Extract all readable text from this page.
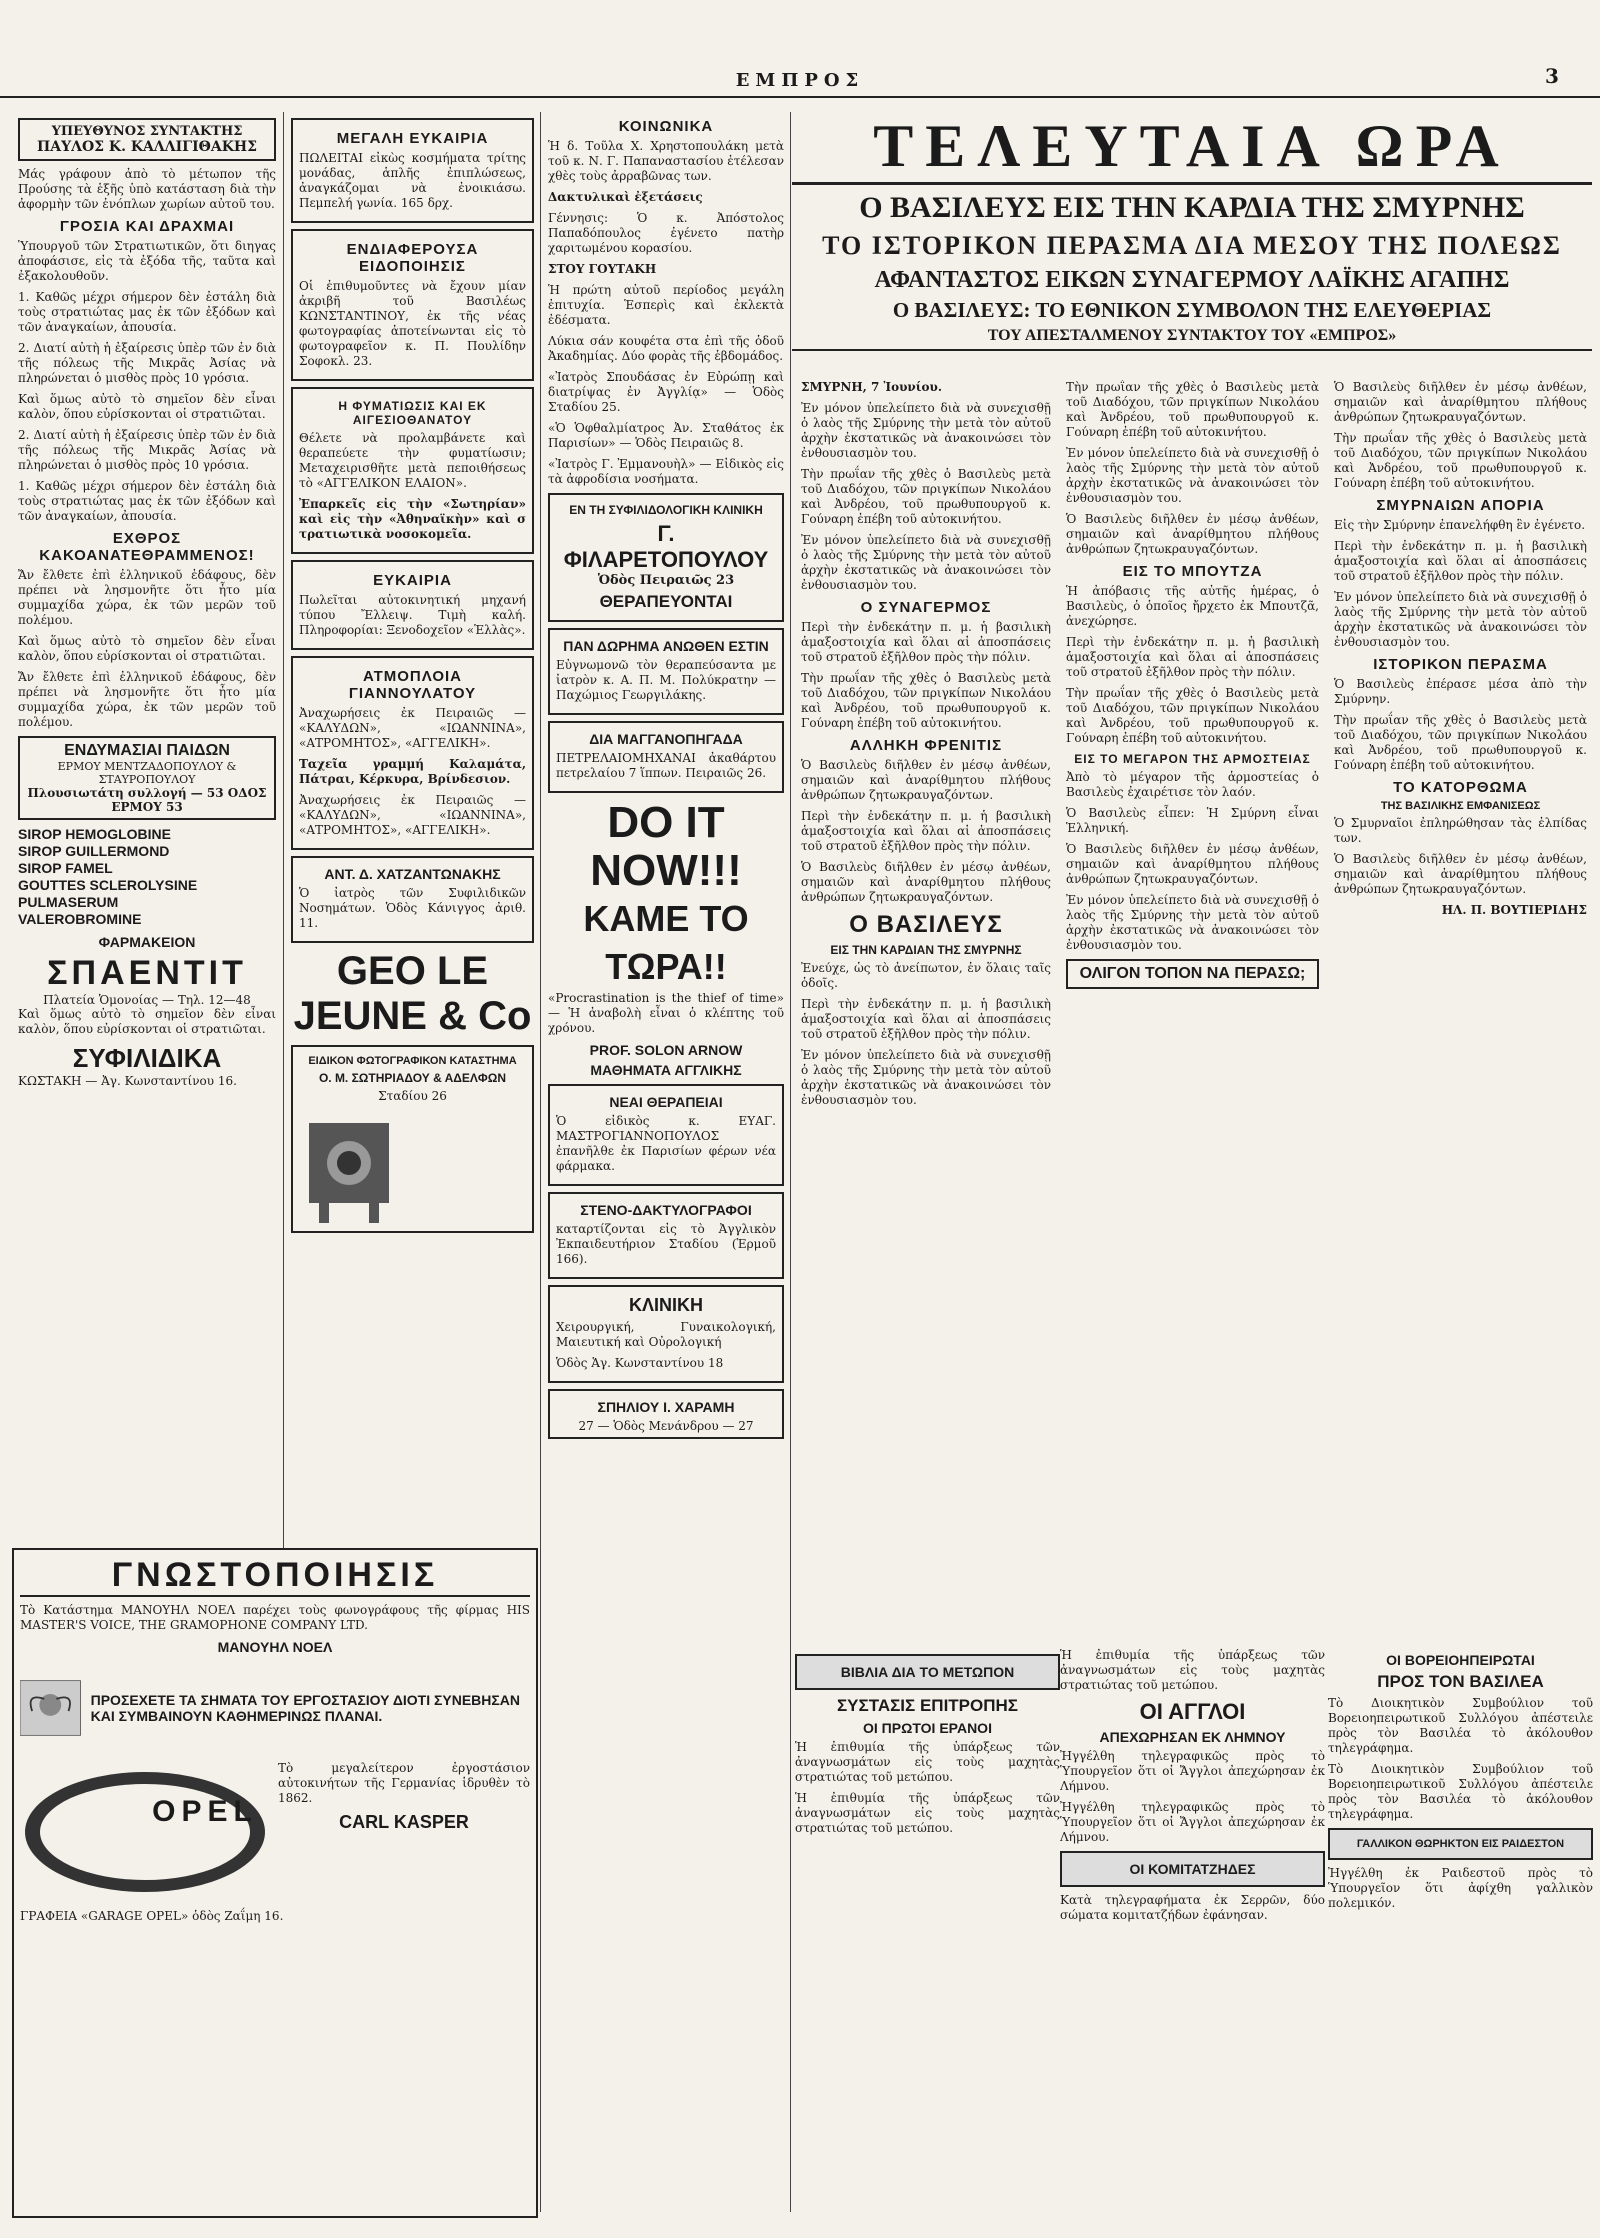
ΕΜΠΡΟΣ	3
ΥΠΕΥΘΥΝΟΣ ΣΥΝΤΑΚΤΗΣ
ΠΑΥΛΟΣ Κ. ΚΑΛΛΙΓΙΘΑΚΗΣ

Μάς γράφουν ἀπὸ τὸ μέτωπον τῆς Προύσης τὰ ἑξῆς ὑπὸ κατάσταση διὰ τὴν ἀφορμὴν τῶν ἐνόπλων χωρίων αὐτοῦ του.

ΓΡΟΣΙΑ ΚΑΙ ΔΡΑΧΜΑΙ

Ὑπουργοῦ τῶν Στρατιωτικῶν, ὅτι διηγας ἀποφάσισε, εἰς τὰ ἐξόδα τῆς, ταῦτα καὶ ἐξακολουθοῦν.

1. Καθῶς μέχρι σήμερον δὲν ἐστάλη διὰ τοὺς στρατιώτας μας ἐκ τῶν ἐξόδων καὶ τῶν ἀναγκαίων, ἀπουσία.

2. Διατί αὐτὴ ἡ ἐξαίρεσις ὑπὲρ τῶν ἐν διὰ τῆς πόλεως τῆς Μικρᾶς Ἀσίας νὰ πληρώνεται ὁ μισθὸς πρὸς 10 γρόσια.

Καὶ ὅμως αὐτὸ τὸ σημεῖον δὲν εἶναι καλὸν, ὅπου εὐρίσκονται οἱ στρατιῶται.

2. Διατί αὐτὴ ἡ ἐξαίρεσις ὑπὲρ τῶν ἐν διὰ τῆς πόλεως τῆς Μικρᾶς Ἀσίας νὰ πληρώνεται ὁ μισθὸς πρὸς 10 γρόσια.

1. Καθῶς μέχρι σήμερον δὲν ἐστάλη διὰ τοὺς στρατιώτας μας ἐκ τῶν ἐξόδων καὶ τῶν ἀναγκαίων, ἀπουσία.

ΕΧΘΡΟΣ ΚΑΚΟΑΝΑΤΕΘΡΑΜΜΕΝΟΣ!

Ἄν ἔλθετε ἐπὶ ἐλληνικοῦ ἐδάφους, δὲν πρέπει νὰ λησμονῆτε ὅτι ἦτο μία συμμαχίδα χώρα, ἐκ τῶν μερῶν τοῦ πολέμου.

Καὶ ὅμως αὐτὸ τὸ σημεῖον δὲν εἶναι καλὸν, ὅπου εὐρίσκονται οἱ στρατιῶται.

Ἄν ἔλθετε ἐπὶ ἐλληνικοῦ ἐδάφους, δὲν πρέπει νὰ λησμονῆτε ὅτι ἦτο μία συμμαχίδα χώρα, ἐκ τῶν μερῶν τοῦ πολέμου.

ΕΝΔΥΜΑΣΙΑΙ ΠΑΙΔΩΝ
ΕΡΜΟΥ ΜΕΝΤΖΑΔΟΠΟΥΛΟΥ & ΣΤΑΥΡΟΠΟΥΛΟΥ
Πλουσιωτάτη συλλογή — 53 ΟΔΟΣ ΕΡΜΟΥ 53
SIROP HEMOGLOBINE
SIROP GUILLERMOND
SIROP FAMEL
GOUTTES SCLEROLYSINE
PULMASERUM
VALEROBROMINE
ΦΑΡΜΑΚΕΙΟΝ
ΣΠΑΕΝΤΙΤ
Πλατεία Ὁμονοίας — Τηλ. 12—48

Καὶ ὅμως αὐτὸ τὸ σημεῖον δὲν εἶναι καλὸν, ὅπου εὐρίσκονται οἱ στρατιῶται.

ΣΥΦΙΛΙΔΙΚΑ

ΚΩΣΤΑΚΗ — Ἀγ. Κωνσταντίνου 16.

ΜΕΓΑΛΗ ΕΥΚΑΙΡΙΑ

ΠΩΛΕΙΤΑΙ εἰκὼς κοσμήματα τρίτης μονάδας, ἁπλῆς ἐπιπλώσεως, ἀναγκάζομαι νὰ ἐνοικιάσω. Πεμπελή γωνία. 165 δρχ.

ΕΝΔΙΑΦΕΡΟΥΣΑ ΕΙΔΟΠΟΙΗΣΙΣ

Οἱ ἐπιθυμοῦντες νὰ ἔχουν μίαν ἀκριβῆ τοῦ Βασιλέως ΚΩΝΣΤΑΝΤΙΝΟΥ, ἐκ τῆς νέας φωτογραφίας ἀποτείνωνται εἰς τὸ φωτογραφεῖον κ. Π. Πουλίδην Σοφοκλ. 23.

Η ΦΥΜΑΤΙΩΣΙΣ ΚΑΙ ΕΚ ΑΙΓΕΣΙΟΘΑΝΑΤΟΥ

Θέλετε νὰ προλαμβάνετε καὶ θεραπεύετε τὴν φυματίωσιν; Μεταχειρισθῆτε μετὰ πεποιθήσεως τὸ «ΑΓΓΕΛΙΚΟΝ ΕΛΑΙΟΝ».

Ἐπαρκεῖς εἰς τὴν «Σωτηρίαν» καὶ εἰς τὴν «Ἀθηναϊκὴν» καὶ σ τρατιωτικὰ νοσοκομεῖα.

ΕΥΚΑΙΡΙΑ

Πωλεῖται αὐτοκινητική μηχανή τύπου Ἔλλειψ. Τιμὴ καλή. Πληροφορίαι: Ξενοδοχεῖον «Ἑλλὰς».

ΑΤΜΟΠΛΟΙΑ ΓΙΑΝΝΟΥΛΑΤΟΥ

Ἀναχωρήσεις ἐκ Πειραιῶς — «ΚΑΛΥΔΩΝ», «ΙΩΑΝΝΙΝΑ», «ΑΤΡΟΜΗΤΟΣ», «ΑΓΓΕΛΙΚΗ».

Ταχεῖα γραμμή Καλαμάτα, Πάτραι, Κέρκυρα, Βρίνδεσιον.

Ἀναχωρήσεις ἐκ Πειραιῶς — «ΚΑΛΥΔΩΝ», «ΙΩΑΝΝΙΝΑ», «ΑΤΡΟΜΗΤΟΣ», «ΑΓΓΕΛΙΚΗ».

ΑΝΤ. Δ. ΧΑΤΖΑΝΤΩΝΑΚΗΣ

Ὁ ἰατρὸς τῶν Συφιλιδικῶν Νοσημάτων. Ὁδὸς Κάνιγγος ἀριθ. 11.

GEO LE JEUNE & Co
ΕΙΔΙΚΟΝ ΦΩΤΟΓΡΑΦΙΚΟΝ ΚΑΤΑΣΤΗΜΑ
Ο. Μ. ΣΩΤΗΡΙΑΔΟΥ & ΑΔΕΛΦΩΝ
Σταδίου 26
ΚΟΙΝΩΝΙΚΑ

Ἡ δ. Τοῦλα Χ. Χρηστοπουλάκη μετὰ τοῦ κ. Ν. Γ. Παπαναστασίου ἐτέλεσαν χθὲς τοὺς ἀρραβῶνας των.

Δακτυλικαὶ ἐξετάσεις

Γέννησις: Ὁ κ. Ἀπόστολος Παπαδόπουλος ἐγένετο πατὴρ χαριτωμένου κορασίου.

ΣΤΟΥ ΓΟΥΤΑΚΗ

Ἡ πρώτη αὐτοῦ περίοδος μεγάλη ἐπιτυχία. Ἑσπερὶς καὶ ἐκλεκτὰ ἐδέσματα.

Λύκια σάν κουφέτα στα ἐπὶ τῆς ὁδοῦ Ἀκαδημίας. Δύο φορὰς τῆς ἑβδομάδος.

«Ἰατρὸς Σπουδάσας ἐν Εὐρώπῃ καὶ διατρίψας ἐν Ἀγγλίᾳ» — Ὁδὸς Σταδίου 25.

«Ὁ Ὁφθαλμίατρος Ἀν. Σταθάτος ἐκ Παρισίων» — Ὁδὸς Πειραιῶς 8.

«Ἰατρὸς Γ. Ἐμμανουὴλ» — Εἰδικὸς εἰς τὰ ἀφροδίσια νοσήματα.

ΕΝ ΤΗ ΣΥΦΙΛΙΔΟΛΟΓΙΚΗ ΚΛΙΝΙΚΗ
Γ. ΦΙΛΑΡΕΤΟΠΟΥΛΟΥ
Ὁδὸς Πειραιῶς 23
ΘΕΡΑΠΕΥΟΝΤΑΙ
ΠΑΝ ΔΩΡΗΜΑ ΑΝΩΘΕΝ ΕΣΤΙΝ

Εὐγνωμονῶ τὸν θεραπεύσαντα με ἰατρὸν κ. Α. Π. Μ. Πολύκρατην — Παχώμιος Γεωργιλάκης.

ΔΙΑ ΜΑΓΓΑΝΟΠΗΓΑΔΑ

ΠΕΤΡΕΛΑΙΟΜΗΧΑΝΑΙ ἀκαθάρτου πετρελαίου 7 ἵππων. Πειραιῶς 26.

DO IT NOW!!!
ΚΑΜΕ ΤΟ ΤΩΡΑ!!

«Procrastination is the thief of time» — Ἡ ἀναβολὴ εἶναι ὁ κλέπτης τοῦ χρόνου.

PROF. SOLON ARNOW
ΜΑΘΗΜΑΤΑ ΑΓΓΛΙΚΗΣ
ΝΕΑΙ ΘΕΡΑΠΕΙΑΙ

Ὁ εἰδικὸς κ. ΕΥΑΓ. ΜΑΣΤΡΟΓΙΑΝΝΟΠΟΥΛΟΣ ἐπανῆλθε ἐκ Παρισίων φέρων νέα φάρμακα.

ΣΤΕΝΟ-ΔΑΚΤΥΛΟΓΡΑΦΟΙ

καταρτίζονται εἰς τὸ Ἀγγλικὸν Ἐκπαιδευτήριον Σταδίου (Ἑρμοῦ 166).

ΚΛΙΝΙΚΗ

Χειρουργική, Γυναικολογική, Μαιευτική καὶ Οὐρολογική

Ὁδὸς Ἁγ. Κωνσταντίνου 18

ΣΠΗΛΙΟΥ Ι. ΧΑΡΑΜΗ
27 — Ὁδὸς Μενάνδρου — 27
ΤΕΛΕΥΤΑΙΑ ΩΡΑ
Ο ΒΑΣΙΛΕΥΣ ΕΙΣ ΤΗΝ ΚΑΡΔΙΑ ΤΗΣ ΣΜΥΡΝΗΣ
ΤΟ ΙΣΤΟΡΙΚΟΝ ΠΕΡΑΣΜΑ ΔΙΑ ΜΕΣΟΥ ΤΗΣ ΠΟΛΕΩΣ
ΑΦΑΝΤΑΣΤΟΣ ΕΙΚΩΝ ΣΥΝΑΓΕΡΜΟΥ ΛΑΪΚΗΣ ΑΓΑΠΗΣ
Ο ΒΑΣΙΛΕΥΣ: ΤΟ ΕΘΝΙΚΟΝ ΣΥΜΒΟΛΟΝ ΤΗΣ ΕΛΕΥΘΕΡΙΑΣ
ΤΟΥ ΑΠΕΣΤΑΛΜΕΝΟΥ ΣΥΝΤΑΚΤΟΥ ΤΟΥ «ΕΜΠΡΟΣ»

ΣΜΥΡΝΗ, 7 Ἰουνίου.

Ἐν μόνον ὑπελείπετο διὰ νὰ συνεχισθῇ ὁ λαὸς τῆς Σμύρνης τὴν μετὰ τὸν αὐτοῦ ἀρχὴν ἐκστατικῶς νὰ ἀνακοινώσει τὸν ἐνθουσιασμὸν του.

Τὴν πρωΐαν τῆς χθὲς ὁ Βασιλεὺς μετὰ τοῦ Διαδόχου, τῶν πριγκίπων Νικολάου καὶ Ἀνδρέου, τοῦ πρωθυπουργοῦ κ. Γούναρη ἐπέβη τοῦ αὐτοκινήτου.

Ἐν μόνον ὑπελείπετο διὰ νὰ συνεχισθῇ ὁ λαὸς τῆς Σμύρνης τὴν μετὰ τὸν αὐτοῦ ἀρχὴν ἐκστατικῶς νὰ ἀνακοινώσει τὸν ἐνθουσιασμὸν του.

Ο ΣΥΝΑΓΕΡΜΟΣ

Περὶ τὴν ἐνδεκάτην π. μ. ἡ βασιλικὴ ἁμαξοστοιχία καὶ ὅλαι αἱ ἀποσπάσεις τοῦ στρατοῦ ἐξῆλθον πρὸς τὴν πόλιν.

Τὴν πρωΐαν τῆς χθὲς ὁ Βασιλεὺς μετὰ τοῦ Διαδόχου, τῶν πριγκίπων Νικολάου καὶ Ἀνδρέου, τοῦ πρωθυπουργοῦ κ. Γούναρη ἐπέβη τοῦ αὐτοκινήτου.

ΑΛΛΗΚΗ ΦΡΕΝΙΤΙΣ

Ὁ Βασιλεὺς διῆλθεν ἐν μέσῳ ἀνθέων, σημαιῶν καὶ ἀναρίθμητου πλήθους ἀνθρώπων ζητωκραυγαζόντων.

Περὶ τὴν ἐνδεκάτην π. μ. ἡ βασιλικὴ ἁμαξοστοιχία καὶ ὅλαι αἱ ἀποσπάσεις τοῦ στρατοῦ ἐξῆλθον πρὸς τὴν πόλιν.

Ὁ Βασιλεὺς διῆλθεν ἐν μέσῳ ἀνθέων, σημαιῶν καὶ ἀναρίθμητου πλήθους ἀνθρώπων ζητωκραυγαζόντων.

Ο ΒΑΣΙΛΕΥΣ
ΕΙΣ ΤΗΝ ΚΑΡΔΙΑΝ ΤΗΣ ΣΜΥΡΝΗΣ

Ἐνεύχε, ὡς τὸ ἀνείπωτον, ἐν ὅλαις ταῖς ὁδοῖς.

Περὶ τὴν ἐνδεκάτην π. μ. ἡ βασιλικὴ ἁμαξοστοιχία καὶ ὅλαι αἱ ἀποσπάσεις τοῦ στρατοῦ ἐξῆλθον πρὸς τὴν πόλιν.

Ἐν μόνον ὑπελείπετο διὰ νὰ συνεχισθῇ ὁ λαὸς τῆς Σμύρνης τὴν μετὰ τὸν αὐτοῦ ἀρχὴν ἐκστατικῶς νὰ ἀνακοινώσει τὸν ἐνθουσιασμὸν του.

Τὴν πρωΐαν τῆς χθὲς ὁ Βασιλεὺς μετὰ τοῦ Διαδόχου, τῶν πριγκίπων Νικολάου καὶ Ἀνδρέου, τοῦ πρωθυπουργοῦ κ. Γούναρη ἐπέβη τοῦ αὐτοκινήτου.

Ἐν μόνον ὑπελείπετο διὰ νὰ συνεχισθῇ ὁ λαὸς τῆς Σμύρνης τὴν μετὰ τὸν αὐτοῦ ἀρχὴν ἐκστατικῶς νὰ ἀνακοινώσει τὸν ἐνθουσιασμὸν του.

Ὁ Βασιλεὺς διῆλθεν ἐν μέσῳ ἀνθέων, σημαιῶν καὶ ἀναρίθμητου πλήθους ἀνθρώπων ζητωκραυγαζόντων.

ΕΙΣ ΤΟ ΜΠΟΥΤΖΑ

Ἡ ἀπόβασις τῆς αὐτῆς ἡμέρας, ὁ Βασιλεὺς, ὁ ὁποῖος ἤρχετο ἐκ Μπουτζᾶ, ἀνεχώρησε.

Περὶ τὴν ἐνδεκάτην π. μ. ἡ βασιλικὴ ἁμαξοστοιχία καὶ ὅλαι αἱ ἀποσπάσεις τοῦ στρατοῦ ἐξῆλθον πρὸς τὴν πόλιν.

Τὴν πρωΐαν τῆς χθὲς ὁ Βασιλεὺς μετὰ τοῦ Διαδόχου, τῶν πριγκίπων Νικολάου καὶ Ἀνδρέου, τοῦ πρωθυπουργοῦ κ. Γούναρη ἐπέβη τοῦ αὐτοκινήτου.

ΕΙΣ ΤΟ ΜΕΓΑΡΟΝ ΤΗΣ ΑΡΜΟΣΤΕΙΑΣ

Ἀπὸ τὸ μέγαρον τῆς ἁρμοστείας ὁ Βασιλεὺς ἐχαιρέτισε τὸν λαόν.

Ὁ Βασιλεὺς εἶπεν: Ἡ Σμύρνη εἶναι Ἑλληνική.

Ὁ Βασιλεὺς διῆλθεν ἐν μέσῳ ἀνθέων, σημαιῶν καὶ ἀναρίθμητου πλήθους ἀνθρώπων ζητωκραυγαζόντων.

Ἐν μόνον ὑπελείπετο διὰ νὰ συνεχισθῇ ὁ λαὸς τῆς Σμύρνης τὴν μετὰ τὸν αὐτοῦ ἀρχὴν ἐκστατικῶς νὰ ἀνακοινώσει τὸν ἐνθουσιασμὸν του.

ΟΛΙΓΟΝ ΤΟΠΟΝ ΝΑ ΠΕΡΑΣΩ;

Ὁ Βασιλεὺς διῆλθεν ἐν μέσῳ ἀνθέων, σημαιῶν καὶ ἀναρίθμητου πλήθους ἀνθρώπων ζητωκραυγαζόντων.

Τὴν πρωΐαν τῆς χθὲς ὁ Βασιλεὺς μετὰ τοῦ Διαδόχου, τῶν πριγκίπων Νικολάου καὶ Ἀνδρέου, τοῦ πρωθυπουργοῦ κ. Γούναρη ἐπέβη τοῦ αὐτοκινήτου.

ΣΜΥΡΝΑΙΩΝ ΑΠΟΡΙΑ

Εἰς τὴν Σμύρνην ἐπανελήφθη ἓν ἐγένετο.

Περὶ τὴν ἐνδεκάτην π. μ. ἡ βασιλικὴ ἁμαξοστοιχία καὶ ὅλαι αἱ ἀποσπάσεις τοῦ στρατοῦ ἐξῆλθον πρὸς τὴν πόλιν.

Ἐν μόνον ὑπελείπετο διὰ νὰ συνεχισθῇ ὁ λαὸς τῆς Σμύρνης τὴν μετὰ τὸν αὐτοῦ ἀρχὴν ἐκστατικῶς νὰ ἀνακοινώσει τὸν ἐνθουσιασμὸν του.

ΙΣΤΟΡΙΚΟΝ ΠΕΡΑΣΜΑ

Ὁ Βασιλεὺς ἐπέρασε μέσα ἀπὸ τὴν Σμύρνην.

Τὴν πρωΐαν τῆς χθὲς ὁ Βασιλεὺς μετὰ τοῦ Διαδόχου, τῶν πριγκίπων Νικολάου καὶ Ἀνδρέου, τοῦ πρωθυπουργοῦ κ. Γούναρη ἐπέβη τοῦ αὐτοκινήτου.

ΤΟ ΚΑΤΟΡΘΩΜΑ
ΤΗΣ ΒΑΣΙΛΙΚΗΣ ΕΜΦΑΝΙΣΕΩΣ

Ὁ Σμυρναῖοι ἐπληρώθησαν τὰς ἐλπίδας των.

Ὁ Βασιλεὺς διῆλθεν ἐν μέσῳ ἀνθέων, σημαιῶν καὶ ἀναρίθμητου πλήθους ἀνθρώπων ζητωκραυγαζόντων.

ΗΛ. Π. ΒΟΥΤΙΕΡΙΔΗΣ

ΓΝΩΣΤΟΠΟΙΗΣΙΣ

Τὸ Κατάστημα ΜΑΝΟΥΗΛ ΝΟΕΛ παρέχει τοὺς φωνογράφους τῆς φίρμας HIS MASTER'S VOICE, THE GRAMOPHONE COMPANY LTD.

ΜΑΝΟΥΗΛ ΝΟΕΛ
ΠΡΟΣΕΧΕΤΕ ΤΑ ΣΗΜΑΤΑ ΤΟΥ ΕΡΓΟΣΤΑΣΙΟΥ ΔΙΟΤΙ ΣΥΝΕΒΗΣΑΝ ΚΑΙ ΣΥΜΒΑΙΝΟΥΝ ΚΑΘΗΜΕΡΙΝΩΣ ΠΛΑΝΑΙ.

Τὸ μεγαλείτερον ἐργοστάσιον αὐτοκινήτων τῆς Γερμανίας ἱδρυθὲν τὸ 1862.

CARL KASPER
OPEL

ΓΡΑΦΕΙΑ «GARAGE OPEL» ὁδὸς Ζαΐμη 16.

ΒΙΒΛΙΑ ΔΙΑ ΤΟ ΜΕΤΩΠΟΝ
ΣΥΣΤΑΣΙΣ ΕΠΙΤΡΟΠΗΣ
ΟΙ ΠΡΩΤΟΙ ΕΡΑΝΟΙ

Ἡ ἐπιθυμία τῆς ὑπάρξεως τῶν ἀναγνωσμάτων εἰς τοὺς μαχητὰς στρατιώτας τοῦ μετώπου.

Ἡ ἐπιθυμία τῆς ὑπάρξεως τῶν ἀναγνωσμάτων εἰς τοὺς μαχητὰς στρατιώτας τοῦ μετώπου.

Ἡ ἐπιθυμία τῆς ὑπάρξεως τῶν ἀναγνωσμάτων εἰς τοὺς μαχητὰς στρατιώτας τοῦ μετώπου.

ΟΙ ΑΓΓΛΟΙ
ΑΠΕΧΩΡΗΣΑΝ ΕΚ ΛΗΜΝΟΥ

Ἠγγέλθη τηλεγραφικῶς πρὸς τὸ Ὑπουργεῖον ὅτι οἱ Ἄγγλοι ἀπεχώρησαν ἐκ Λήμνου.

Ἠγγέλθη τηλεγραφικῶς πρὸς τὸ Ὑπουργεῖον ὅτι οἱ Ἄγγλοι ἀπεχώρησαν ἐκ Λήμνου.

ΟΙ ΚΟΜΙΤΑΤΖΗΔΕΣ

Κατὰ τηλεγραφήματα ἐκ Σερρῶν, δύο σώματα κομιτατζήδων ἐφάνησαν.

ΟΙ ΒΟΡΕΙΟΗΠΕΙΡΩΤΑΙ
ΠΡΟΣ ΤΟΝ ΒΑΣΙΛΕΑ

Τὸ Διοικητικὸν Συμβούλιον τοῦ Βορειοηπειρωτικοῦ Συλλόγου ἀπέστειλε πρὸς τὸν Βασιλέα τὸ ἀκόλουθον τηλεγράφημα.

Τὸ Διοικητικὸν Συμβούλιον τοῦ Βορειοηπειρωτικοῦ Συλλόγου ἀπέστειλε πρὸς τὸν Βασιλέα τὸ ἀκόλουθον τηλεγράφημα.

ΓΑΛΛΙΚΟΝ ΘΩΡΗΚΤΟΝ ΕΙΣ ΡΑΙΔΕΣΤΟΝ

Ἠγγέλθη ἐκ Ραιδεστοῦ πρὸς τὸ Ὑπουργεῖον ὅτι ἀφίχθη γαλλικὸν πολεμικόν.
